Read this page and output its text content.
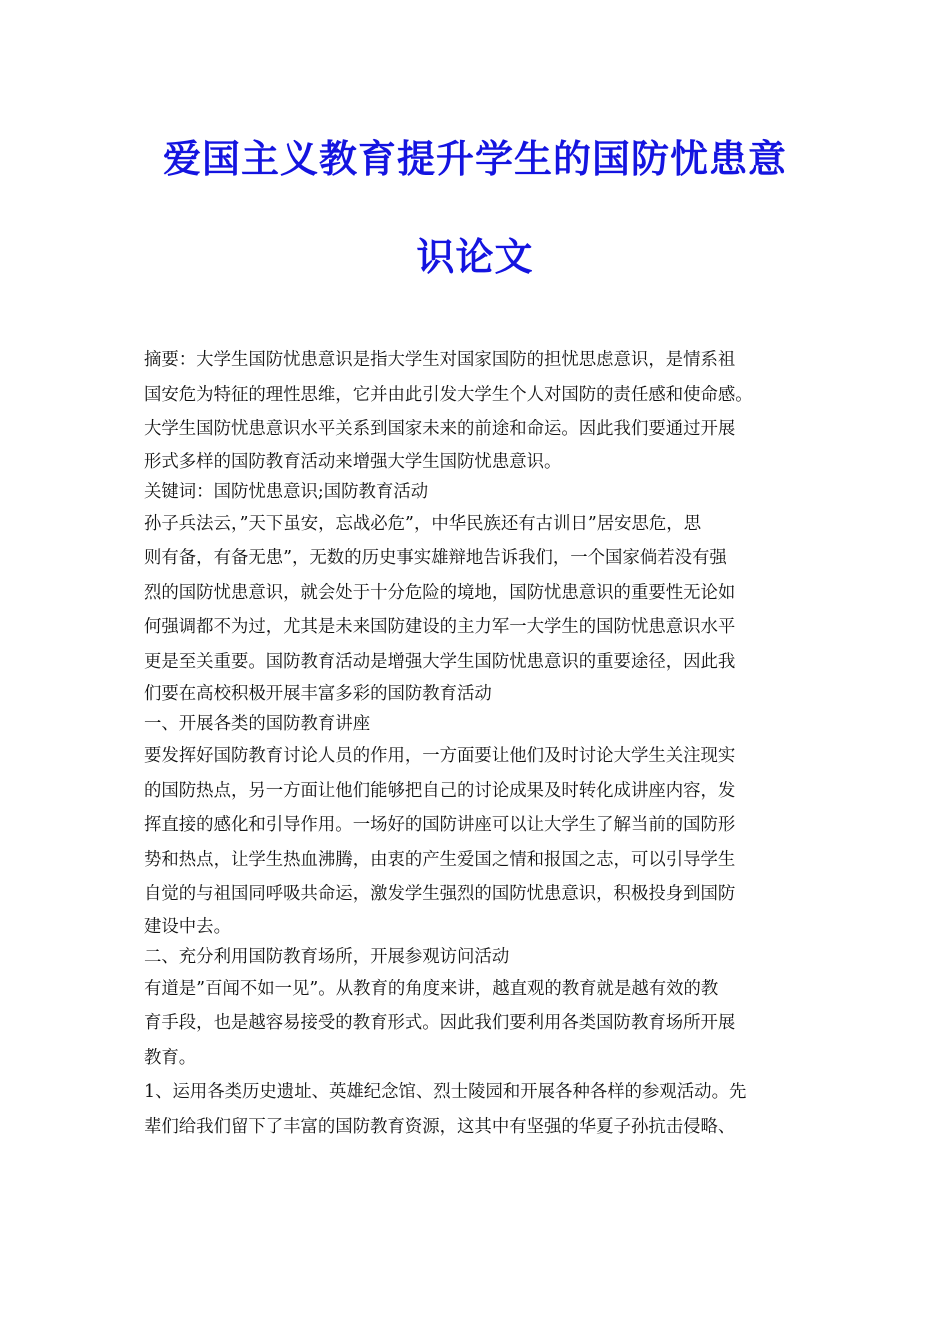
爱国主义教育提升学生的国防忧患意
识论文
摘要：大学生国防忧患意识是指大学生对国家国防的担忧思虑意识，是情系祖
国安危为特征的理性思维，它并由此引发大学生个人对国防的责任感和使命感。
大学生国防忧患意识水平关系到国家未来的前途和命运。因此我们要通过开展
形式多样的国防教育活动来增强大学生国防忧患意识。
关键词：国防忧患意识;国防教育活动
孙子兵法云，”天下虽安，忘战必危”，中华民族还有古训日”居安思危，思
则有备，有备无患”，无数的历史事实雄辩地告诉我们，一个国家倘若没有强
烈的国防忧患意识，就会处于十分危险的境地，国防忧患意识的重要性无论如
何强调都不为过，尤其是未来国防建设的主力军一大学生的国防忧患意识水平
更是至关重要。国防教育活动是增强大学生国防忧患意识的重要途径，因此我
们要在高校积极开展丰富多彩的国防教育活动
一、开展各类的国防教育讲座
要发挥好国防教育讨论人员的作用，一方面要让他们及时讨论大学生关注现实
的国防热点，另一方面让他们能够把自己的讨论成果及时转化成讲座内容，发
挥直接的感化和引导作用。一场好的国防讲座可以让大学生了解当前的国防形
势和热点，让学生热血沸腾，由衷的产生爱国之情和报国之志，可以引导学生
自觉的与祖国同呼吸共命运，激发学生强烈的国防忧患意识，积极投身到国防
建设中去。
二、充分利用国防教育场所，开展参观访问活动
有道是”百闻不如一见”。从教育的角度来讲，越直观的教育就是越有效的教
育手段，也是越容易接受的教育形式。因此我们要利用各类国防教育场所开展
教育。
1、运用各类历史遗址、英雄纪念馆、烈士陵园和开展各种各样的参观活动。先
辈们给我们留下了丰富的国防教育资源，这其中有坚强的华夏子孙抗击侵略、
